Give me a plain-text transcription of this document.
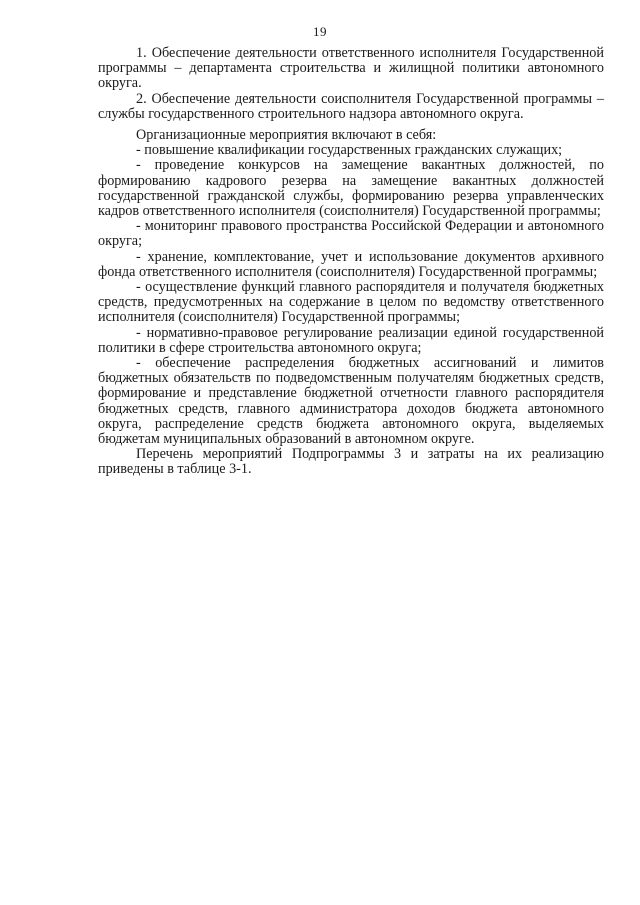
19

1. Обеспечение деятельности ответственного исполнителя Государственной программы – департамента строительства и жилищной политики автономного округа.

2. Обеспечение деятельности соисполнителя Государственной программы – службы государственного строительного надзора автономного округа.

Организационные мероприятия включают в себя:

- повышение квалификации государственных гражданских служащих;

- проведение конкурсов на замещение вакантных должностей, по формированию кадрового резерва на замещение вакантных должностей государственной гражданской службы, формированию резерва управленческих кадров ответственного исполнителя (соисполнителя) Государственной программы;

- мониторинг правового пространства Российской Федерации и автономного округа;

- хранение, комплектование, учет и использование документов архивного фонда ответственного исполнителя (соисполнителя) Государственной программы;

- осуществление функций главного распорядителя и получателя бюджетных средств, предусмотренных на содержание в целом по ведомству ответственного исполнителя (соисполнителя) Государственной программы;

- нормативно-правовое регулирование реализации единой государственной политики в сфере строительства автономного округа;

- обеспечение распределения бюджетных ассигнований и лимитов бюджетных обязательств по подведомственным получателям бюджетных средств, формирование и представление бюджетной отчетности главного распорядителя бюджетных средств, главного администратора доходов бюджета автономного округа, распределение средств бюджета автономного округа, выделяемых бюджетам муниципальных образований в автономном округе.

Перечень мероприятий Подпрограммы 3 и затраты на их реализацию приведены в таблице 3-1.
